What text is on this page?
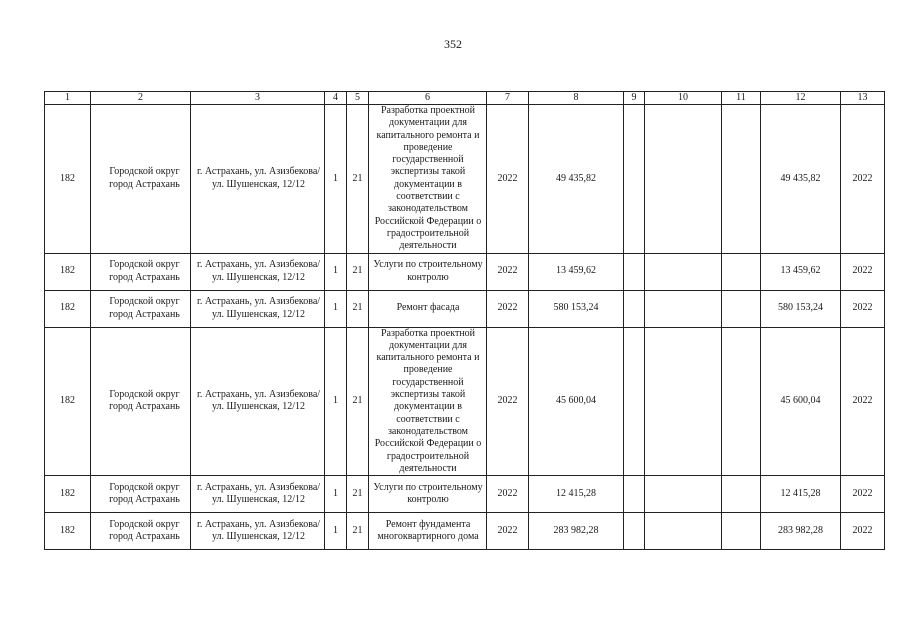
352
1	2	3	4	5	6	7	8	9	10	11	12	13
182	Городской округ город Астрахань	г. Астрахань, ул. Азизбекова/ ул. Шушенская, 12/12	1	21	Разработка проектной документации для капитального ремонта и проведение государственной экспертизы такой документации в соответствии с законодательством Российской Федерации о градостроительной деятельности	2022	49 435,82				49 435,82	2022
182	Городской округ город Астрахань	г. Астрахань, ул. Азизбекова/ ул. Шушенская, 12/12	1	21	Услуги по строительному контролю	2022	13 459,62				13 459,62	2022
182	Городской округ город Астрахань	г. Астрахань, ул. Азизбекова/ ул. Шушенская, 12/12	1	21	Ремонт фасада	2022	580 153,24				580 153,24	2022
182	Городской округ город Астрахань	г. Астрахань, ул. Азизбекова/ ул. Шушенская, 12/12	1	21	Разработка проектной документации для капитального ремонта и проведение государственной экспертизы такой документации в соответствии с законодательством Российской Федерации о градостроительной деятельности	2022	45 600,04				45 600,04	2022
182	Городской округ город Астрахань	г. Астрахань, ул. Азизбекова/ ул. Шушенская, 12/12	1	21	Услуги по строительному контролю	2022	12 415,28				12 415,28	2022
182	Городской округ город Астрахань	г. Астрахань, ул. Азизбекова/ ул. Шушенская, 12/12	1	21	Ремонт фундамента многоквартирного дома	2022	283 982,28				283 982,28	2022
